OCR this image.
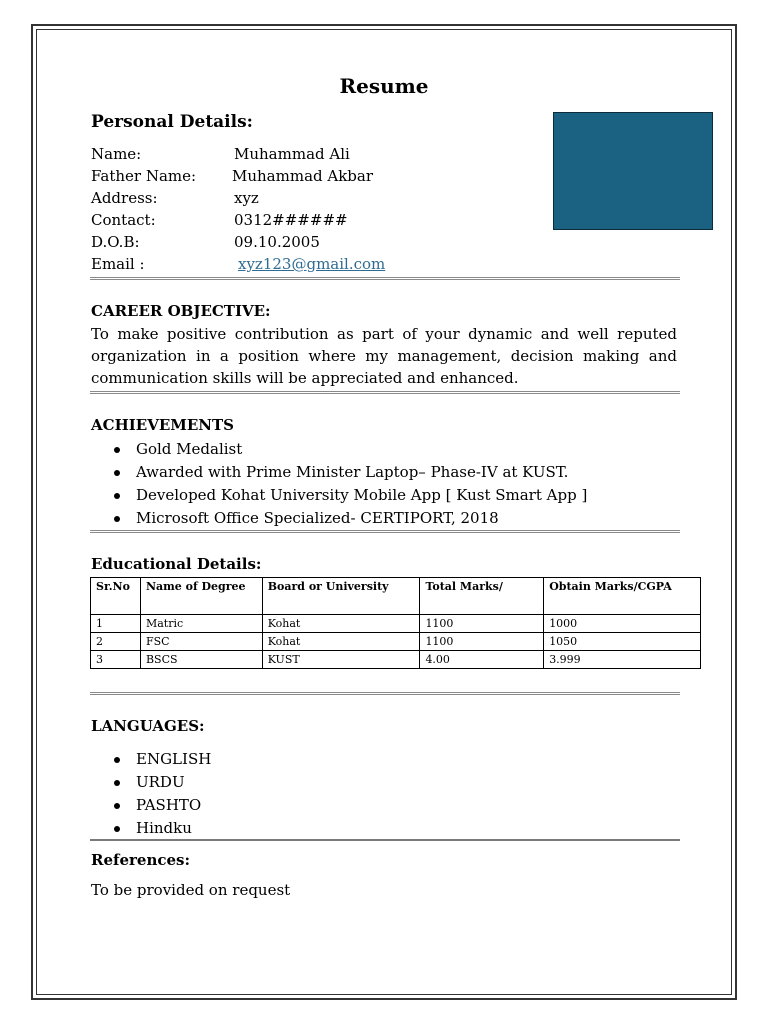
Resume
Personal Details:
Name:	Muhammad Ali
Father Name: Muhammad Akbar
Address:	xyz
Contact:	0312######
D.O.B:	09.10.2005
Email :	xyz123@gmail.com
CAREER OBJECTIVE:

To make positive contribution as part of your dynamic and well reputed organization in a position where my management, decision making and communication skills will be appreciated and enhanced.

ACHIEVEMENTS
Gold Medalist
Awarded with Prime Minister Laptop– Phase-IV at KUST.
Developed Kohat University Mobile App [ Kust Smart App ]
Microsoft Office Specialized- CERTIPORT, 2018
Educational Details:
Sr.No	Name of Degree	Board or University	Total Marks/	Obtain Marks/CGPA
1	Matric	Kohat	1100	1000
2	FSC	Kohat	1100	1050
3	BSCS	KUST	4.00	3.999
LANGUAGES:
ENGLISH
URDU
PASHTO
Hindku
References:
To be provided on request
